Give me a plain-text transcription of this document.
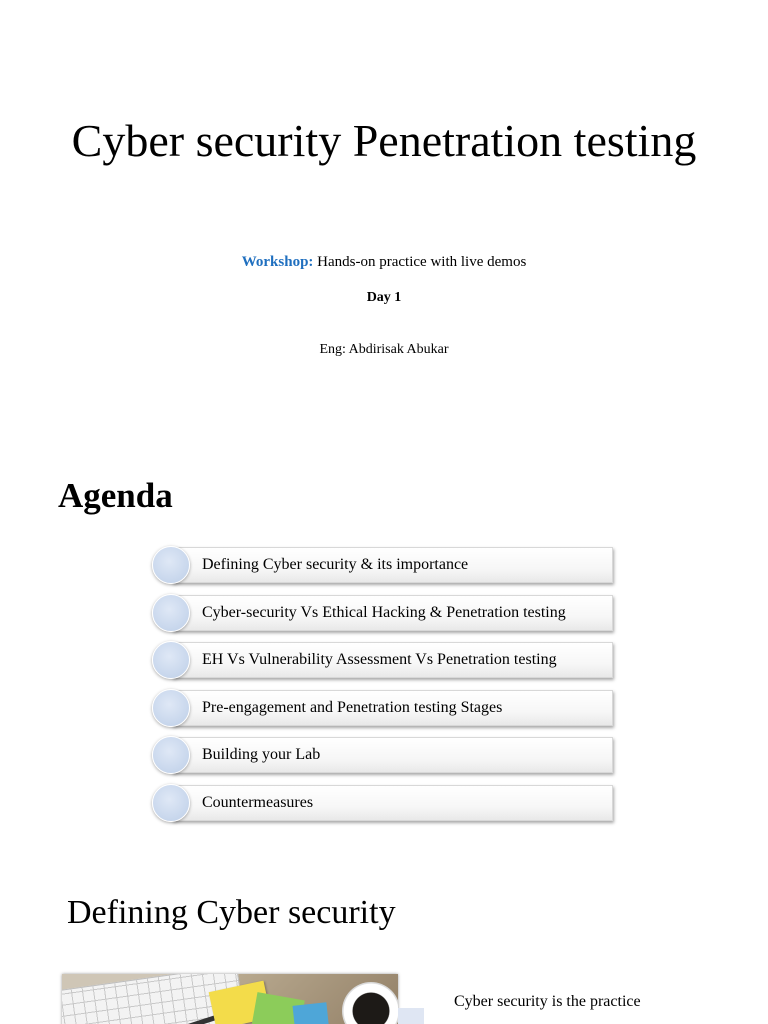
Cyber security Penetration testing

Workshop: Hands-on practice with live demos

Day 1

Eng: Abdirisak Abukar

Agenda
Defining Cyber security & its importance
Cyber-security Vs Ethical Hacking & Penetration testing
EH Vs Vulnerability Assessment Vs Penetration testing
Pre-engagement and Penetration testing Stages
Building your Lab
Countermeasures
Defining Cyber security

Cyber security is the practice
